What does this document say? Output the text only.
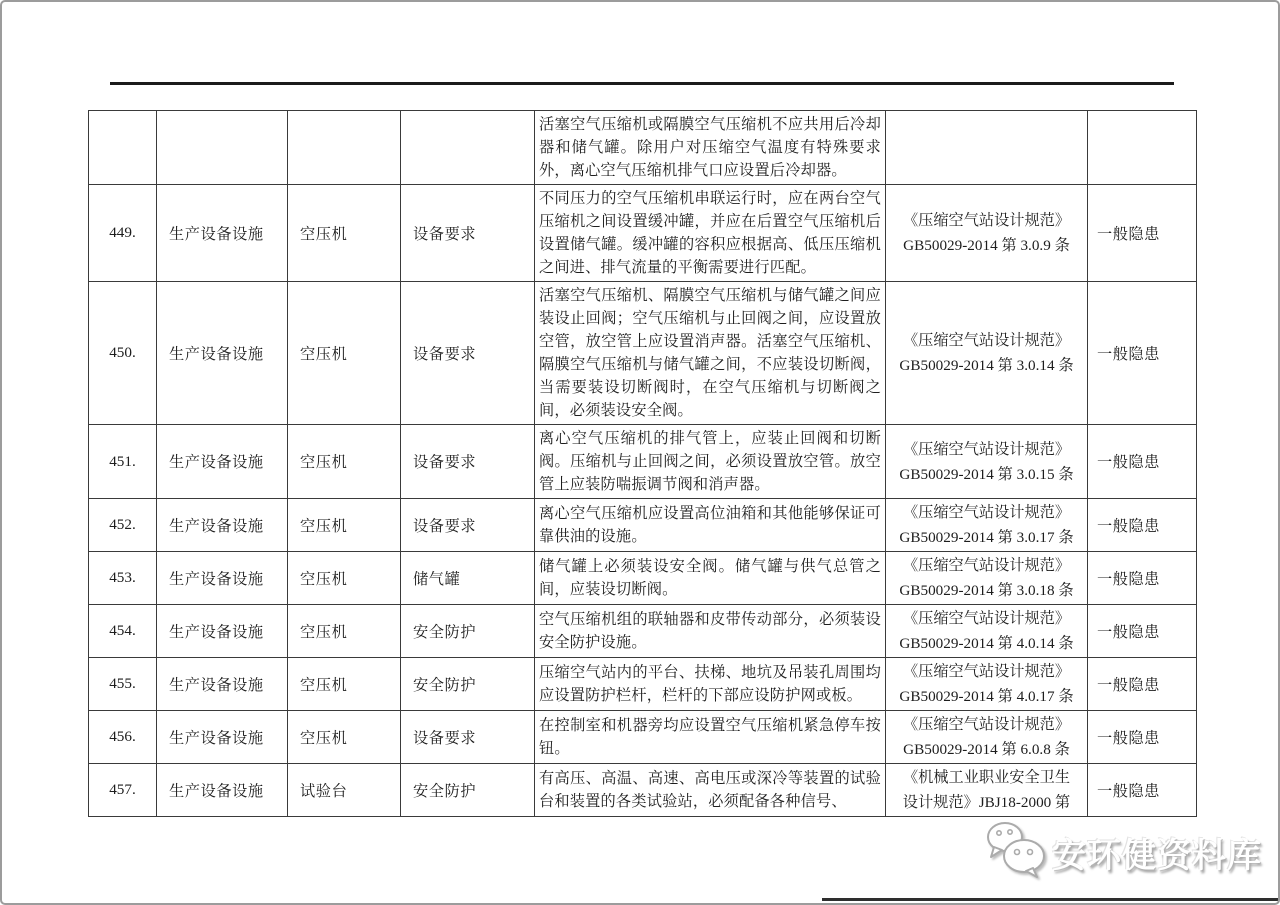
				活塞空气压缩机或隔膜空气压缩机不应共用后冷却器和储气罐。除用户对压缩空气温度有特殊要求外，离心空气压缩机排气口应设置后冷却器。	

449.	生产设备设施	空压机	设备要求	不同压力的空气压缩机串联运行时，应在两台空气压缩机之间设置缓冲罐，并应在后置空气压缩机后设置储气罐。缓冲罐的容积应根据高、低压压缩机之间进、排气流量的平衡需要进行匹配。	《压缩空气站设计规范》
GB50029-2014 第 3.0.9 条	一般隐患
450.	生产设备设施	空压机	设备要求	活塞空气压缩机、隔膜空气压缩机与储气罐之间应装设止回阀；空气压缩机与止回阀之间，应设置放空管，放空管上应设置消声器。活塞空气压缩机、隔膜空气压缩机与储气罐之间，不应装设切断阀，当需要装设切断阀时，在空气压缩机与切断阀之间，必须装设安全阀。	《压缩空气站设计规范》
GB50029-2014 第 3.0.14 条	一般隐患
451.	生产设备设施	空压机	设备要求	离心空气压缩机的排气管上，应装止回阀和切断阀。压缩机与止回阀之间，必须设置放空管。放空管上应装防喘振调节阀和消声器。	《压缩空气站设计规范》
GB50029-2014 第 3.0.15 条	一般隐患
452.	生产设备设施	空压机	设备要求	离心空气压缩机应设置高位油箱和其他能够保证可靠供油的设施。	《压缩空气站设计规范》
GB50029-2014 第 3.0.17 条	一般隐患
453.	生产设备设施	空压机	储气罐	储气罐上必须装设安全阀。储气罐与供气总管之间，应装设切断阀。	《压缩空气站设计规范》
GB50029-2014 第 3.0.18 条	一般隐患
454.	生产设备设施	空压机	安全防护	空气压缩机组的联轴器和皮带传动部分，必须装设安全防护设施。	《压缩空气站设计规范》
GB50029-2014 第 4.0.14 条	一般隐患
455.	生产设备设施	空压机	安全防护	压缩空气站内的平台、扶梯、地坑及吊装孔周围均应设置防护栏杆，栏杆的下部应设防护网或板。	《压缩空气站设计规范》
GB50029-2014 第 4.0.17 条	一般隐患
456.	生产设备设施	空压机	设备要求	在控制室和机器旁均应设置空气压缩机紧急停车按钮。	《压缩空气站设计规范》
GB50029-2014 第 6.0.8 条	一般隐患
457.	生产设备设施	试验台	安全防护	有高压、高温、高速、高电压或深冷等装置的试验台和装置的各类试验站，必须配备各种信号、	《机械工业职业安全卫生
设计规范》JBJ18-2000 第	一般隐患
安环健资料库
